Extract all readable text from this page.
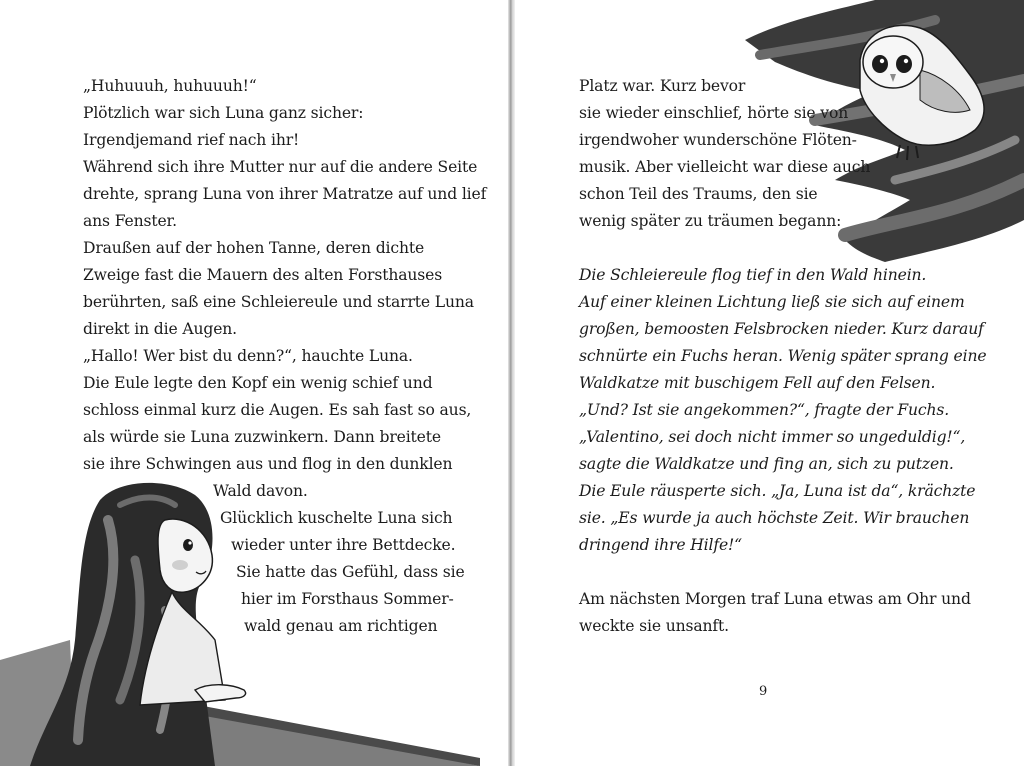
„Huhuuuh, huhuuuh!“
Plötzlich war sich Luna ganz sicher:
Irgendjemand rief nach ihr!
Während sich ihre Mutter nur auf die andere Seite
drehte, sprang Luna von ihrer Matratze auf und lief
ans Fenster.
Draußen auf der hohen Tanne, deren dichte
Zweige fast die Mauern des alten Forsthauses
berührten, saß eine Schleiereule und starrte Luna
direkt in die Augen.
„Hallo! Wer bist du denn?“, hauchte Luna.
Die Eule legte den Kopf ein wenig schief und
schloss einmal kurz die Augen. Es sah fast so aus,
als würde sie Luna zuzwinkern. Dann breitete
sie ihre Schwingen aus und flog in den dunklen
Wald davon.
Glücklich kuschelte Luna sich
wieder unter ihre Bettdecke.
Sie hatte das Gefühl, dass sie
hier im Forsthaus Sommer-
wald genau am richtigen
Platz war. Kurz bevor
sie wieder einschlief, hörte sie von
irgendwoher wunderschöne Flöten-
musik. Aber vielleicht war diese auch
schon Teil des Traums, den sie
wenig später zu träumen begann:
Die Schleiereule flog tief in den Wald hinein.
Auf einer kleinen Lichtung ließ sie sich auf einem
großen, bemoosten Felsbrocken nieder. Kurz darauf
schnürte ein Fuchs heran. Wenig später sprang eine
Waldkatze mit buschigem Fell auf den Felsen.
„Und? Ist sie angekommen?“, fragte der Fuchs.
„Valentino, sei doch nicht immer so ungeduldig!“,
sagte die Waldkatze und fing an, sich zu putzen.
Die Eule räusperte sich. „Ja, Luna ist da“, krächzte
sie. „Es wurde ja auch höchste Zeit. Wir brauchen
dringend ihre Hilfe!“
Am nächsten Morgen traf Luna etwas am Ohr und
weckte sie unsanft.
9
